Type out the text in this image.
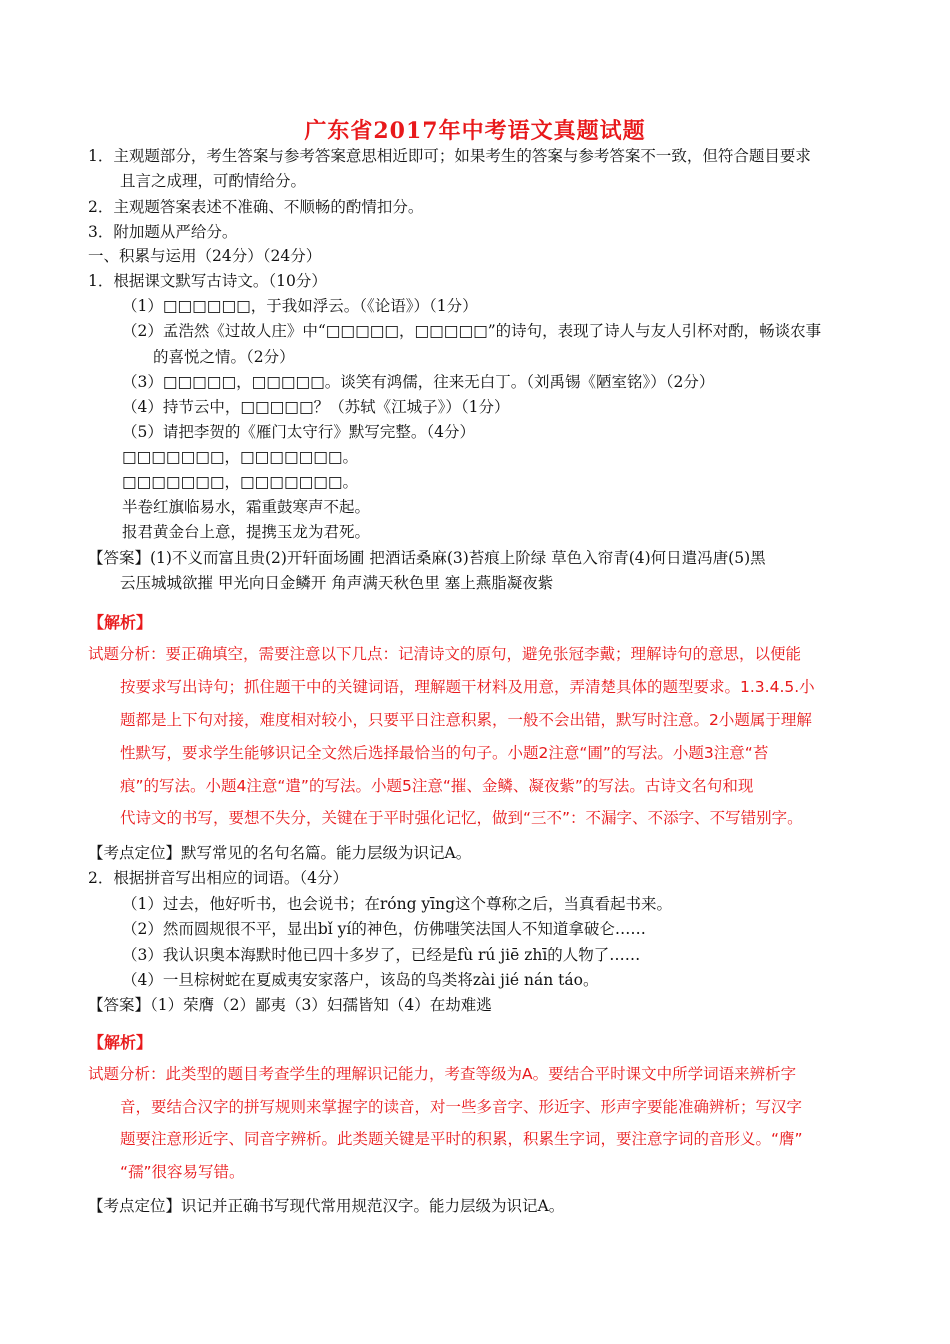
广东省2017年中考语文真题试题
1．主观题部分，考生答案与参考答案意思相近即可；如果考生的答案与参考答案不一致，但符合题目要求
且言之成理，可酌情给分。
2．主观题答案表述不准确、不顺畅的酌情扣分。
3．附加题从严给分。
一、积累与运用（24分）（24分）
1．根据课文默写古诗文。（10分）
（1）□□□□□□，于我如浮云。（《论语》）（1分）
（2）孟浩然《过故人庄》中“□□□□□，□□□□□”的诗句，表现了诗人与友人引杯对酌，畅谈农事
的喜悦之情。（2分）
（3）□□□□□，□□□□□。谈笑有鸿儒，往来无白丁。（刘禹锡《陋室铭》）（2分）
（4）持节云中，□□□□□？（苏轼《江城子》）（1分）
（5）请把李贺的《雁门太守行》默写完整。（4分）
□□□□□□□，□□□□□□□。
□□□□□□□，□□□□□□□。
半卷红旗临易水，霜重鼓寒声不起。
报君黄金台上意，提携玉龙为君死。
【答案】(1)不义而富且贵(2)开轩面场圃 把酒话桑麻(3)苔痕上阶绿 草色入帘青(4)何日遣冯唐(5)黑
云压城城欲摧 甲光向日金鳞开 角声满天秋色里 塞上燕脂凝夜紫
【解析】
试题分析：要正确填空，需要注意以下几点：记清诗文的原句，避免张冠李戴；理解诗句的意思，以便能
按要求写出诗句；抓住题干中的关键词语，理解题干材料及用意，弄清楚具体的题型要求。1.3.4.5.小
题都是上下句对接，难度相对较小，只要平日注意积累，一般不会出错，默写时注意。2小题属于理解
性默写，要求学生能够识记全文然后选择最恰当的句子。小题2注意“圃”的写法。小题3注意“苔
痕”的写法。小题4注意“遣”的写法。小题5注意“摧、金鳞、凝夜紫”的写法。古诗文名句和现
代诗文的书写，要想不失分，关键在于平时强化记忆，做到“三不”：不漏字、不添字、不写错别字。
【考点定位】默写常见的名句名篇。能力层级为识记A。
2．根据拼音写出相应的词语。（4分）
（1）过去，他好听书，也会说书；在róng yīng这个尊称之后，当真看起书来。
（2）然而圆规很不平，显出bǐ yí的神色，仿佛嗤笑法国人不知道拿破仑……
（3）我认识奥本海默时他已四十多岁了，已经是fù rú jiē zhī的人物了……
（4）一旦棕树蛇在夏威夷安家落户，该岛的鸟类将zài jié nán táo。
【答案】（1）荣膺（2）鄙夷（3）妇孺皆知（4）在劫难逃
【解析】
试题分析：此类型的题目考查学生的理解识记能力，考查等级为A。要结合平时课文中所学词语来辨析字
音，要结合汉字的拼写规则来掌握字的读音，对一些多音字、形近字、形声字要能准确辨析；写汉字
题要注意形近字、同音字辨析。此类题关键是平时的积累，积累生字词，要注意字词的音形义。“膺”
“孺”很容易写错。
【考点定位】识记并正确书写现代常用规范汉字。能力层级为识记A。
